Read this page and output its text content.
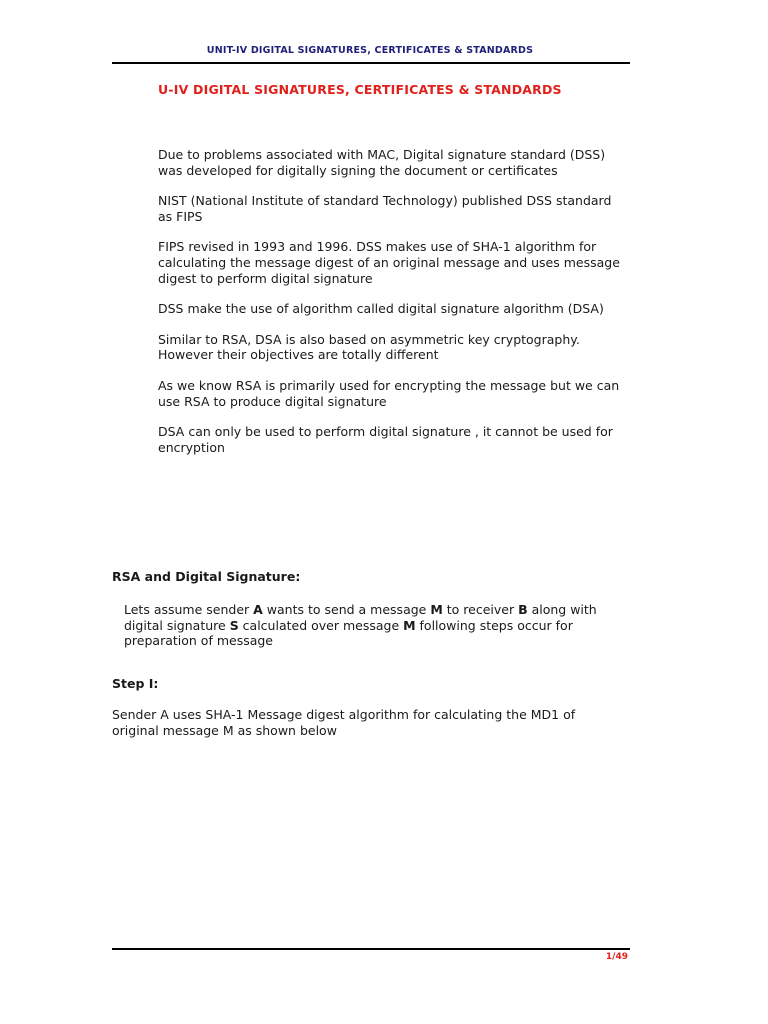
UNIT-IV DIGITAL SIGNATURES, CERTIFICATES & STANDARDS
U-IV DIGITAL SIGNATURES, CERTIFICATES & STANDARDS

Due to problems associated with MAC, Digital signature standard (DSS) was developed for digitally signing the document or certificates

NIST (National Institute of standard Technology) published DSS standard as FIPS

FIPS revised in 1993 and 1996. DSS makes use of SHA-1 algorithm for calculating the message digest of an original message and uses message digest to perform digital signature

DSS make the use of algorithm called digital signature algorithm (DSA)

Similar to RSA, DSA is also based on asymmetric key cryptography. However their objectives are totally different

As we know RSA is primarily used for encrypting the message but we can use RSA to produce digital signature

DSA can only be used to perform digital signature , it cannot be used for encryption

RSA and Digital Signature:

Lets assume sender A wants to send a message M to receiver B along with digital signature S calculated over message M following steps occur for preparation of message

Step I:

Sender A uses SHA-1 Message digest algorithm for calculating the MD1 of original message M as shown below

1/49
